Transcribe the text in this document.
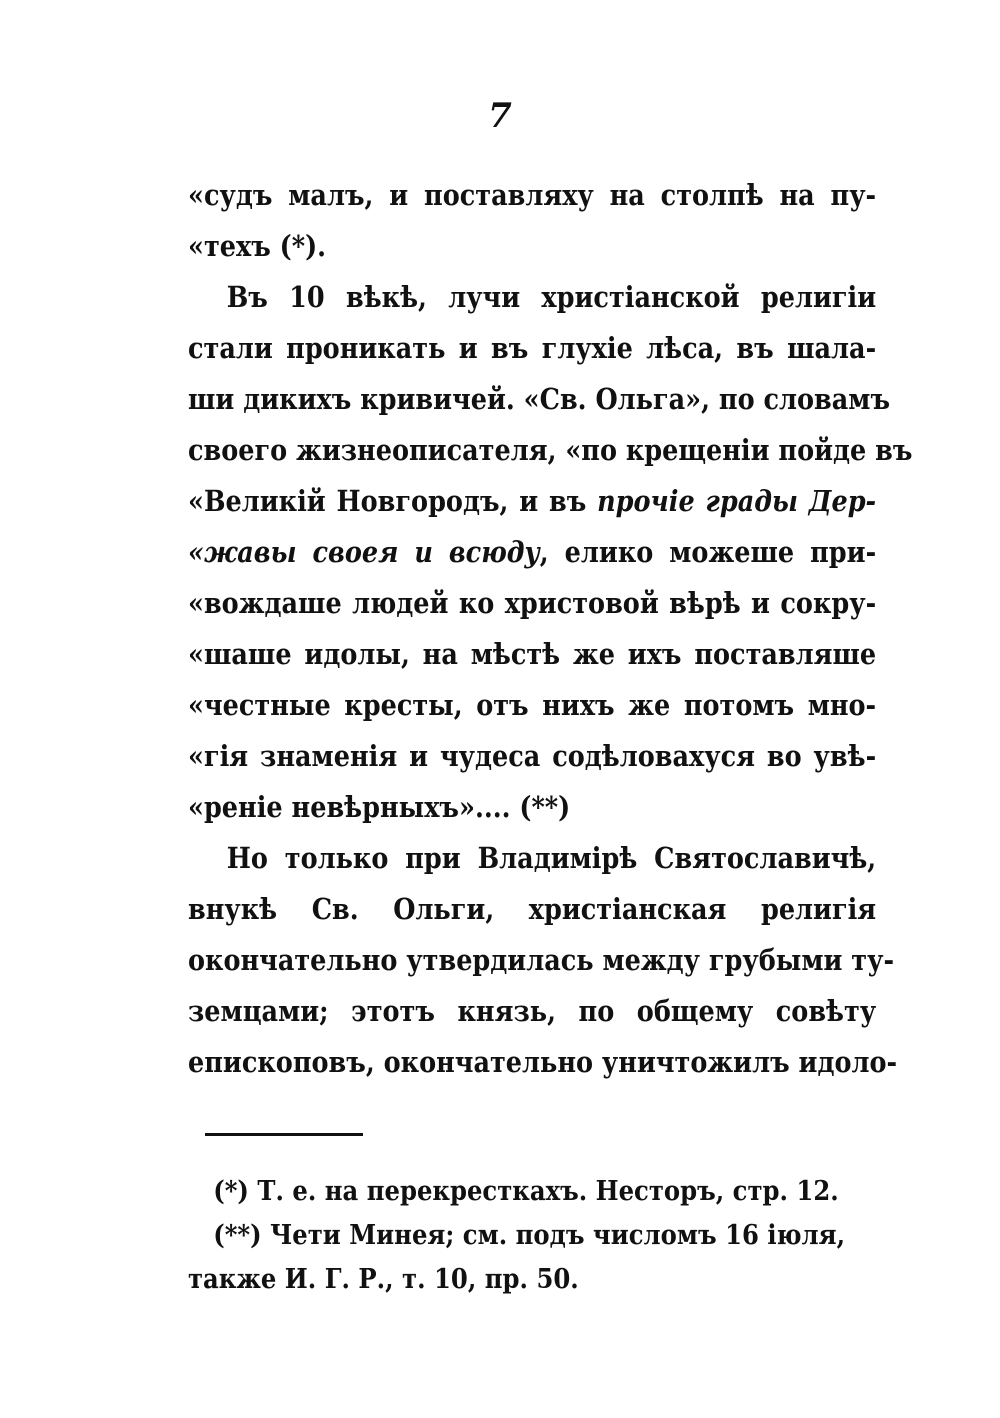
7
«судъ малъ, и поставляху на столпѣ на пу-
«техъ (*).
Въ 10 вѣкѣ, лучи христіанской религіи
стали проникать и въ глухіе лѣса, въ шала-
ши дикихъ кривичей. «Св. Ольга», по словамъ
своего жизнеописателя, «по крещеніи пойде въ
«Великій Новгородъ, и въ прочіе грады Дер-
«жавы своея и всюду, елико можеше при-
«вождаше людей ко христовой вѣрѣ и сокру-
«шаше идолы, на мѣстѣ же ихъ поставляше
«честные кресты, отъ нихъ же потомъ мно-
«гія знаменія и чудеса содѣловахуся во увѣ-
«реніе невѣрныхъ».... (**)
Но только при Владимірѣ Святославичѣ,
внукѣ Св. Ольги, христіанская религія
окончательно утвердилась между грубыми ту-
земцами; этотъ князь, по общему совѣту
епископовъ, окончательно уничтожилъ идоло-
(*) Т. е. на перекресткахъ. Несторъ, стр. 12.
(**) Чети Минея; см. подъ числомъ 16 іюля,
также И. Г. Р., т. 10, пр. 50.
